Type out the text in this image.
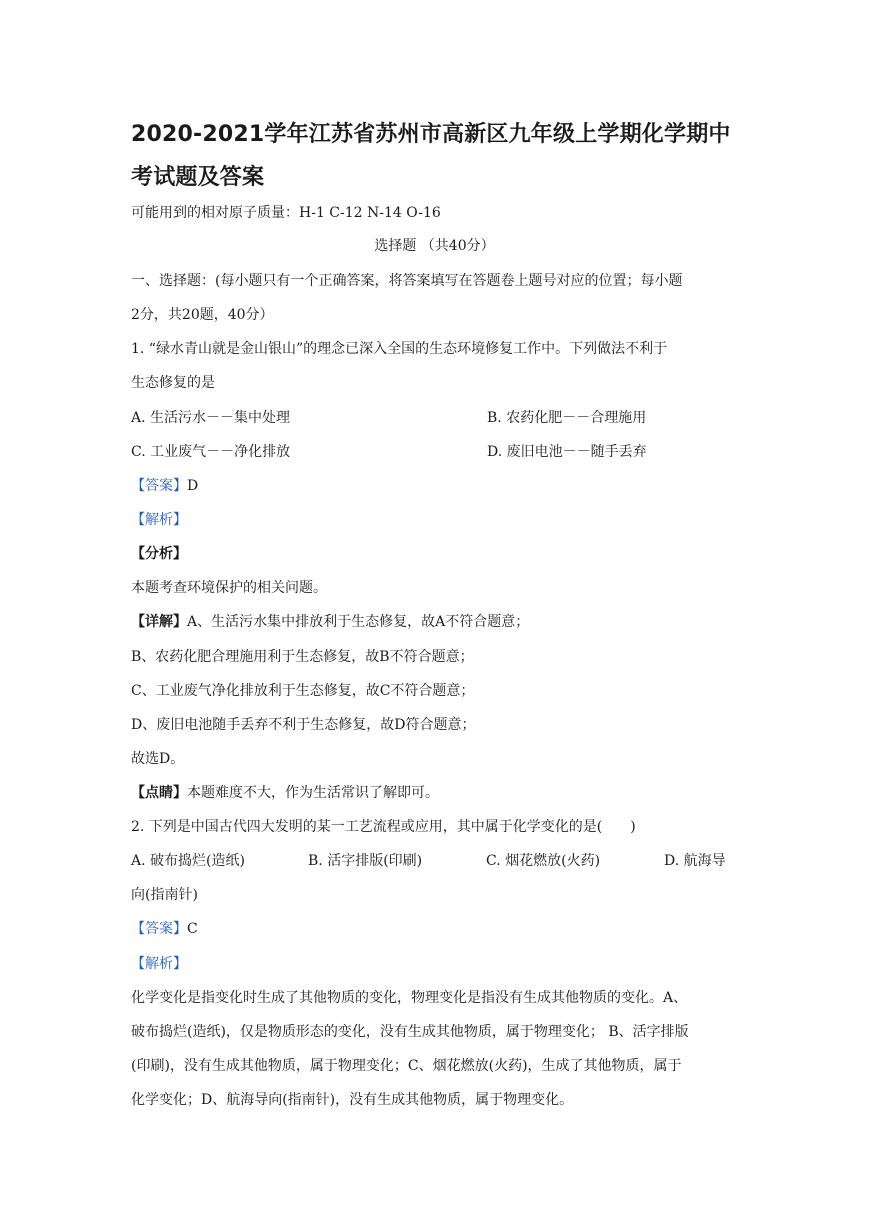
2020-2021学年江苏省苏州市高新区九年级上学期化学期中
考试题及答案
可能用到的相对原子质量：H-1 C-12 N-14 O-16
选择题 （共40分）
一、选择题：(每小题只有一个正确答案，将答案填写在答题卷上题号对应的位置；每小题
2分，共20题，40分）
1. “绿水青山就是金山银山”的理念已深入全国的生态环境修复工作中。下列做法不利于
生态修复的是
A. 生活污水－－集中处理	B. 农药化肥－－合理施用
C. 工业废气－－净化排放	D. 废旧电池－－随手丢弃
【答案】D
【解析】
【分析】
本题考查环境保护的相关问题。
【详解】A、生活污水集中排放利于生态修复，故A不符合题意；
B、农药化肥合理施用利于生态修复，故B不符合题意；
C、工业废气净化排放利于生态修复，故C不符合题意；
D、废旧电池随手丢弃不利于生态修复，故D符合题意；
故选D。
【点睛】本题难度不大，作为生活常识了解即可。
2. 下列是中国古代四大发明的某一工艺流程或应用，其中属于化学变化的是(　　)
A. 破布捣烂(造纸)	B. 活字排版(印刷)	C. 烟花燃放(火药)	D. 航海导
向(指南针)
【答案】C
【解析】
化学变化是指变化时生成了其他物质的变化，物理变化是指没有生成其他物质的变化。A、
破布捣烂(造纸)，仅是物质形态的变化，没有生成其他物质，属于物理变化； B、活字排版
(印刷)，没有生成其他物质，属于物理变化；C、烟花燃放(火药)，生成了其他物质，属于
化学变化；D、航海导向(指南针)，没有生成其他物质，属于物理变化。
